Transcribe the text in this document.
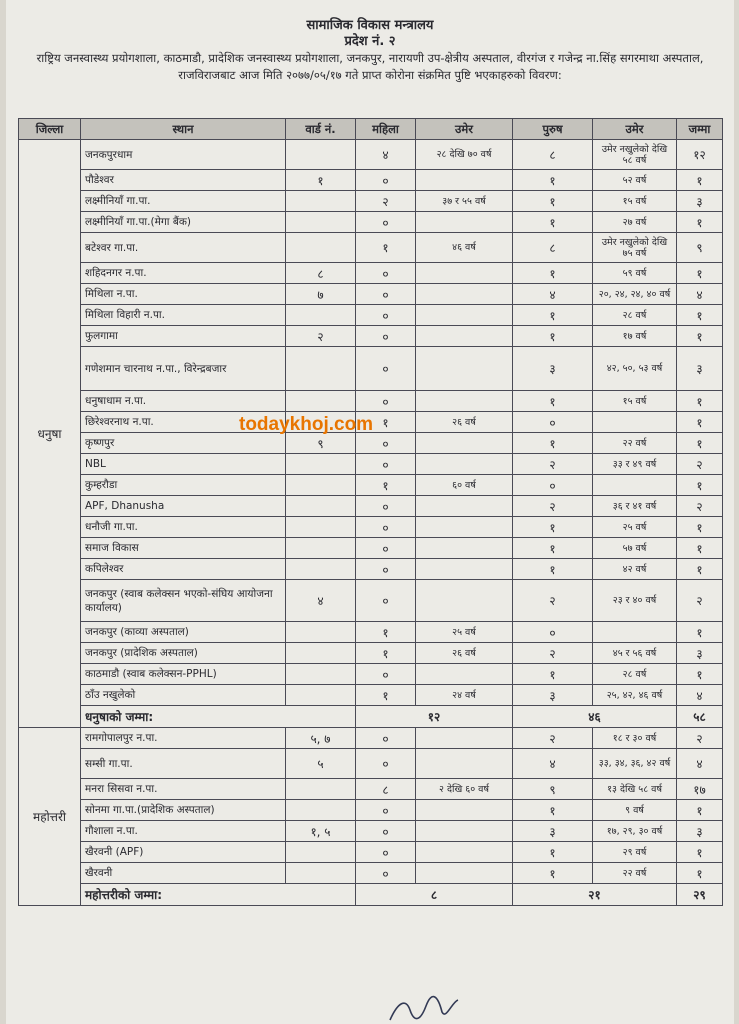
सामाजिक विकास मन्त्रालय
प्रदेश नं. २
राष्ट्रिय जनस्वास्थ्य प्रयोगशाला, काठमाडौ, प्रादेशिक जनस्वास्थ्य प्रयोगशाला, जनकपुर, नारायणी उप-क्षेत्रीय अस्पताल, वीरगंज र गजेन्द्र ना.सिंह सगरमाथा अस्पताल, राजविराजबाट आज मिति २०७७/०५/१७ गते प्राप्त कोरोना संक्रमित पुष्टि भएकाहरुको विवरण:
जिल्ला	स्थान	वार्ड नं.	महिला	उमेर	पुरुष	उमेर	जम्मा
धनुषा	जनकपुरधाम		४	२८ देखि ७० वर्ष	८	उमेर नखुलेको देखि ५८ वर्ष	१२
	पौडेश्वर	१	०		१	५२ वर्ष	१
	लक्ष्मीनियाँ गा.पा.		२	३७ र ५५ वर्ष	१	१५ वर्ष	३
	लक्ष्मीनियाँ गा.पा.(मेगा बैंक)		०		१	२७ वर्ष	१
	बटेश्वर गा.पा.		१	४६ वर्ष	८	उमेर नखुलेको देखि ७५ वर्ष	९
	शहिदनगर न.पा.	८	०		१	५९ वर्ष	१
	मिथिला न.पा.	७	०		४	२०, २४, २४, ४० वर्ष	४
	मिथिला विहारी न.पा.		०		१	२८ वर्ष	१
	फुलगामा	२	०		१	१७ वर्ष	१
	गणेशमान चारनाथ न.पा., विरेन्द्रबजार		०		३	४२, ५०, ५३ वर्ष	३
	धनुषाधाम न.पा.		०		१	१५ वर्ष	१
	छिरेश्वरनाथ न.पा.		१	२६ वर्ष	०		१
	कृष्णपुर	९	०		१	२२ वर्ष	१
	NBL		०		२	३३ र ४९ वर्ष	२
	कुम्हरौडा		१	६० वर्ष	०		१
	APF, Dhanusha		०		२	३६ र ४१ वर्ष	२
	धनौजी गा.पा.		०		१	२५ वर्ष	१
	समाज विकास		०		१	५७ वर्ष	१
	कपिलेश्वर		०		१	४२ वर्ष	१
	जनकपुर (स्वाब कलेक्सन भएको-संघिय आयोजना कार्यालय)	४	०		२	२३ र ४० वर्ष	२
	जनकपुर (काव्या अस्पताल)		१	२५ वर्ष	०		१
	जनकपुर (प्रादेशिक अस्पताल)		१	२६ वर्ष	२	४५ र ५६ वर्ष	३
	काठमाडौ (स्वाब कलेक्सन-PPHL)		०		१	२८ वर्ष	१
	ठाँउ नखुलेको		१	२४ वर्ष	३	२५, ४२, ४६ वर्ष	४
	धनुषाको जम्मा:		१२		४६		५८
महोत्तरी	रामगोपालपुर न.पा.	५, ७	०		२	१८ र ३० वर्ष	२
	सम्सी गा.पा.	५	०		४	३३, ३४, ३६, ४२ वर्ष	४
	मनरा सिसवा न.पा.		८	२ देखि ६० वर्ष	९	१३ देखि ५८ वर्ष	१७
	सोनमा गा.पा.(प्रादेशिक अस्पताल)		०		१	९ वर्ष	१
	गौशाला न.पा.	१, ५	०		३	१७, २९, ३० वर्ष	३
	खैरवनी (APF)		०		१	२९ वर्ष	१
	खैरवनी		०		१	२२ वर्ष	१
	महोत्तरीको जम्मा:		८		२१		२९
todaykhoj.com
